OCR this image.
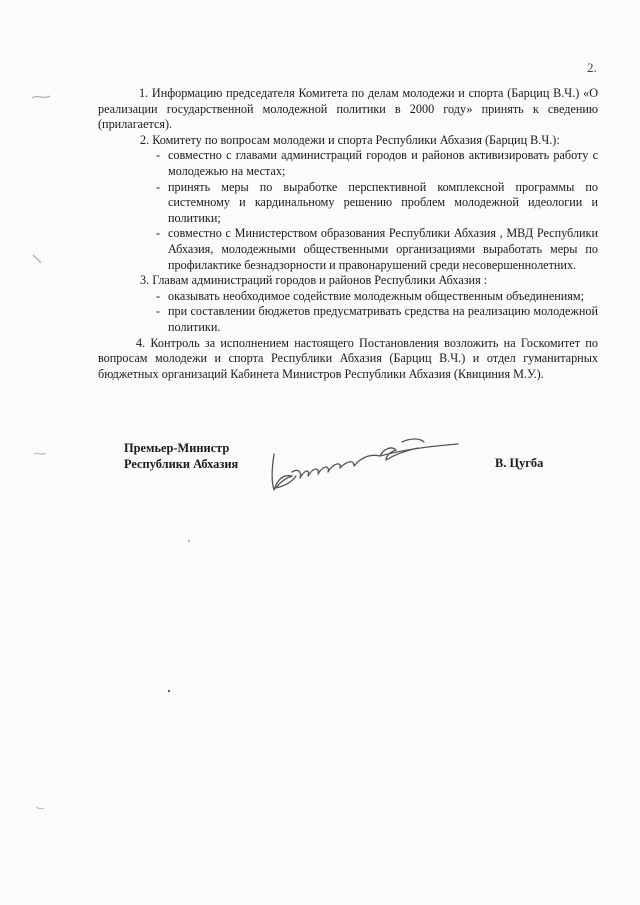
2.

1. Информацию председателя Комитета по делам молодежи и спорта (Барциц В.Ч.) «О реализации государственной молодежной политики в 2000 году» принять к сведению (прилагается).

2. Комитету по вопросам молодежи и спорта Республики Абхазия (Барциц В.Ч.):

- совместно с главами администраций городов и районов активизировать работу с молодежью на местах;
- принять меры по выработке перспективной комплексной программы по системному и кардинальному решению проблем молодежной идеологии и политики;
- совместно с Министерством образования Республики Абхазия , МВД Республики Абхазия, молодежными общественными организациями выработать меры по профилактике безнадзорности и правонарушений среди несовершеннолетних.

3. Главам администраций городов и районов Республики Абхазия :

- оказывать необходимое содействие молодежным общественным объединениям;
- при составлении бюджетов предусматривать средства на реализацию молодежной политики.

4. Контроль за исполнением настоящего Постановления возложить на Госкомитет по вопросам молодежи и спорта Республики Абхазия (Барциц В.Ч.) и отдел гуманитарных бюджетных организаций Кабинета Министров Республики Абхазия (Квициния М.У.).

Премьер-Министр
Республики Абхазия	В. Цугба
